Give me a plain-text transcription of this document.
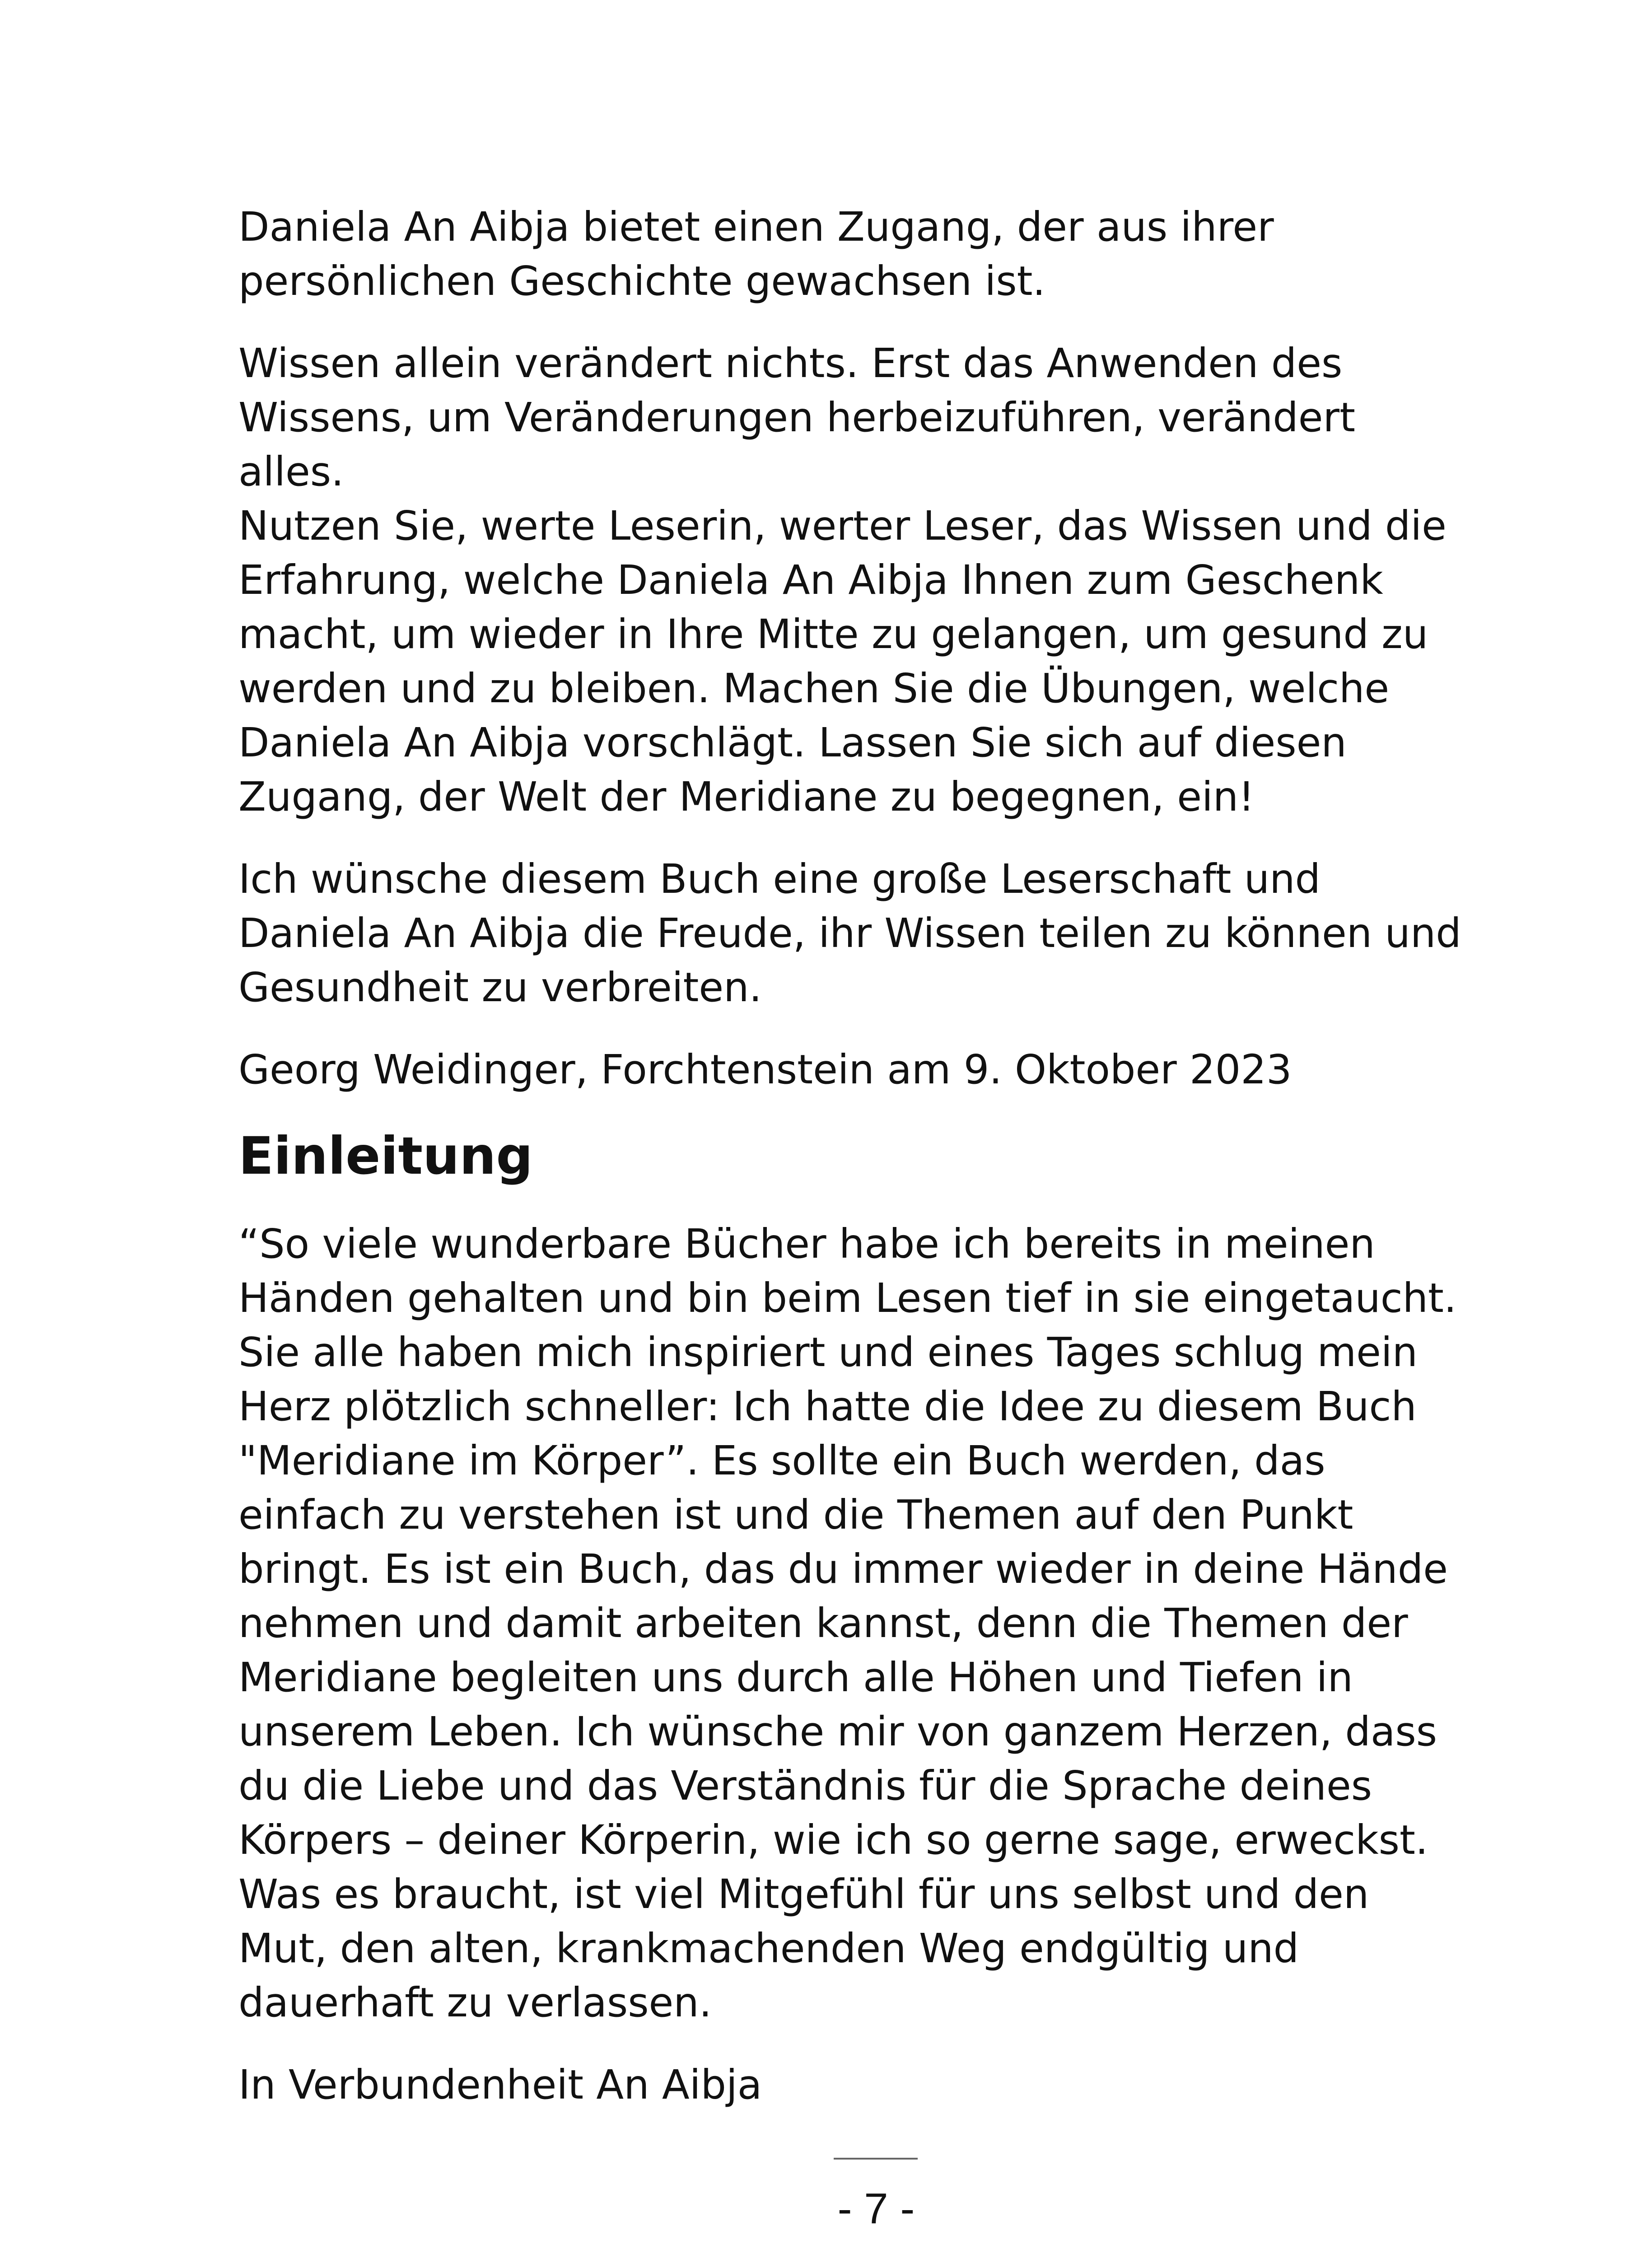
Daniela An Aibja bietet einen Zugang, der aus ihrer
persönlichen Geschichte gewachsen ist.

Wissen allein verändert nichts. Erst das Anwenden des
Wissens, um Veränderungen herbeizuführen, verändert
alles.

Nutzen Sie, werte Leserin, werter Leser, das Wissen und die
Erfahrung, welche Daniela An Aibja Ihnen zum Geschenk
macht, um wieder in Ihre Mitte zu gelangen, um gesund zu
werden und zu bleiben. Machen Sie die Übungen, welche
Daniela An Aibja vorschlägt. Lassen Sie sich auf diesen
Zugang, der Welt der Meridiane zu begegnen, ein!

Ich wünsche diesem Buch eine große Leserschaft und
Daniela An Aibja die Freude, ihr Wissen teilen zu können und
Gesundheit zu verbreiten.

Georg Weidinger, Forchtenstein am 9. Oktober 2023

Einleitung

“So viele wunderbare Bücher habe ich bereits in meinen
Händen gehalten und bin beim Lesen tief in sie eingetaucht.
Sie alle haben mich inspiriert und eines Tages schlug mein
Herz plötzlich schneller: Ich hatte die Idee zu diesem Buch
"Meridiane im Körper”. Es sollte ein Buch werden, das
einfach zu verstehen ist und die Themen auf den Punkt
bringt. Es ist ein Buch, das du immer wieder in deine Hände
nehmen und damit arbeiten kannst, denn die Themen der
Meridiane begleiten uns durch alle Höhen und Tiefen in
unserem Leben. Ich wünsche mir von ganzem Herzen, dass
du die Liebe und das Verständnis für die Sprache deines
Körpers – deiner Körperin, wie ich so gerne sage, erweckst.
Was es braucht, ist viel Mitgefühl für uns selbst und den
Mut, den alten, krankmachenden Weg endgültig und
dauerhaft zu verlassen.

In Verbundenheit An Aibja

- 7 -
